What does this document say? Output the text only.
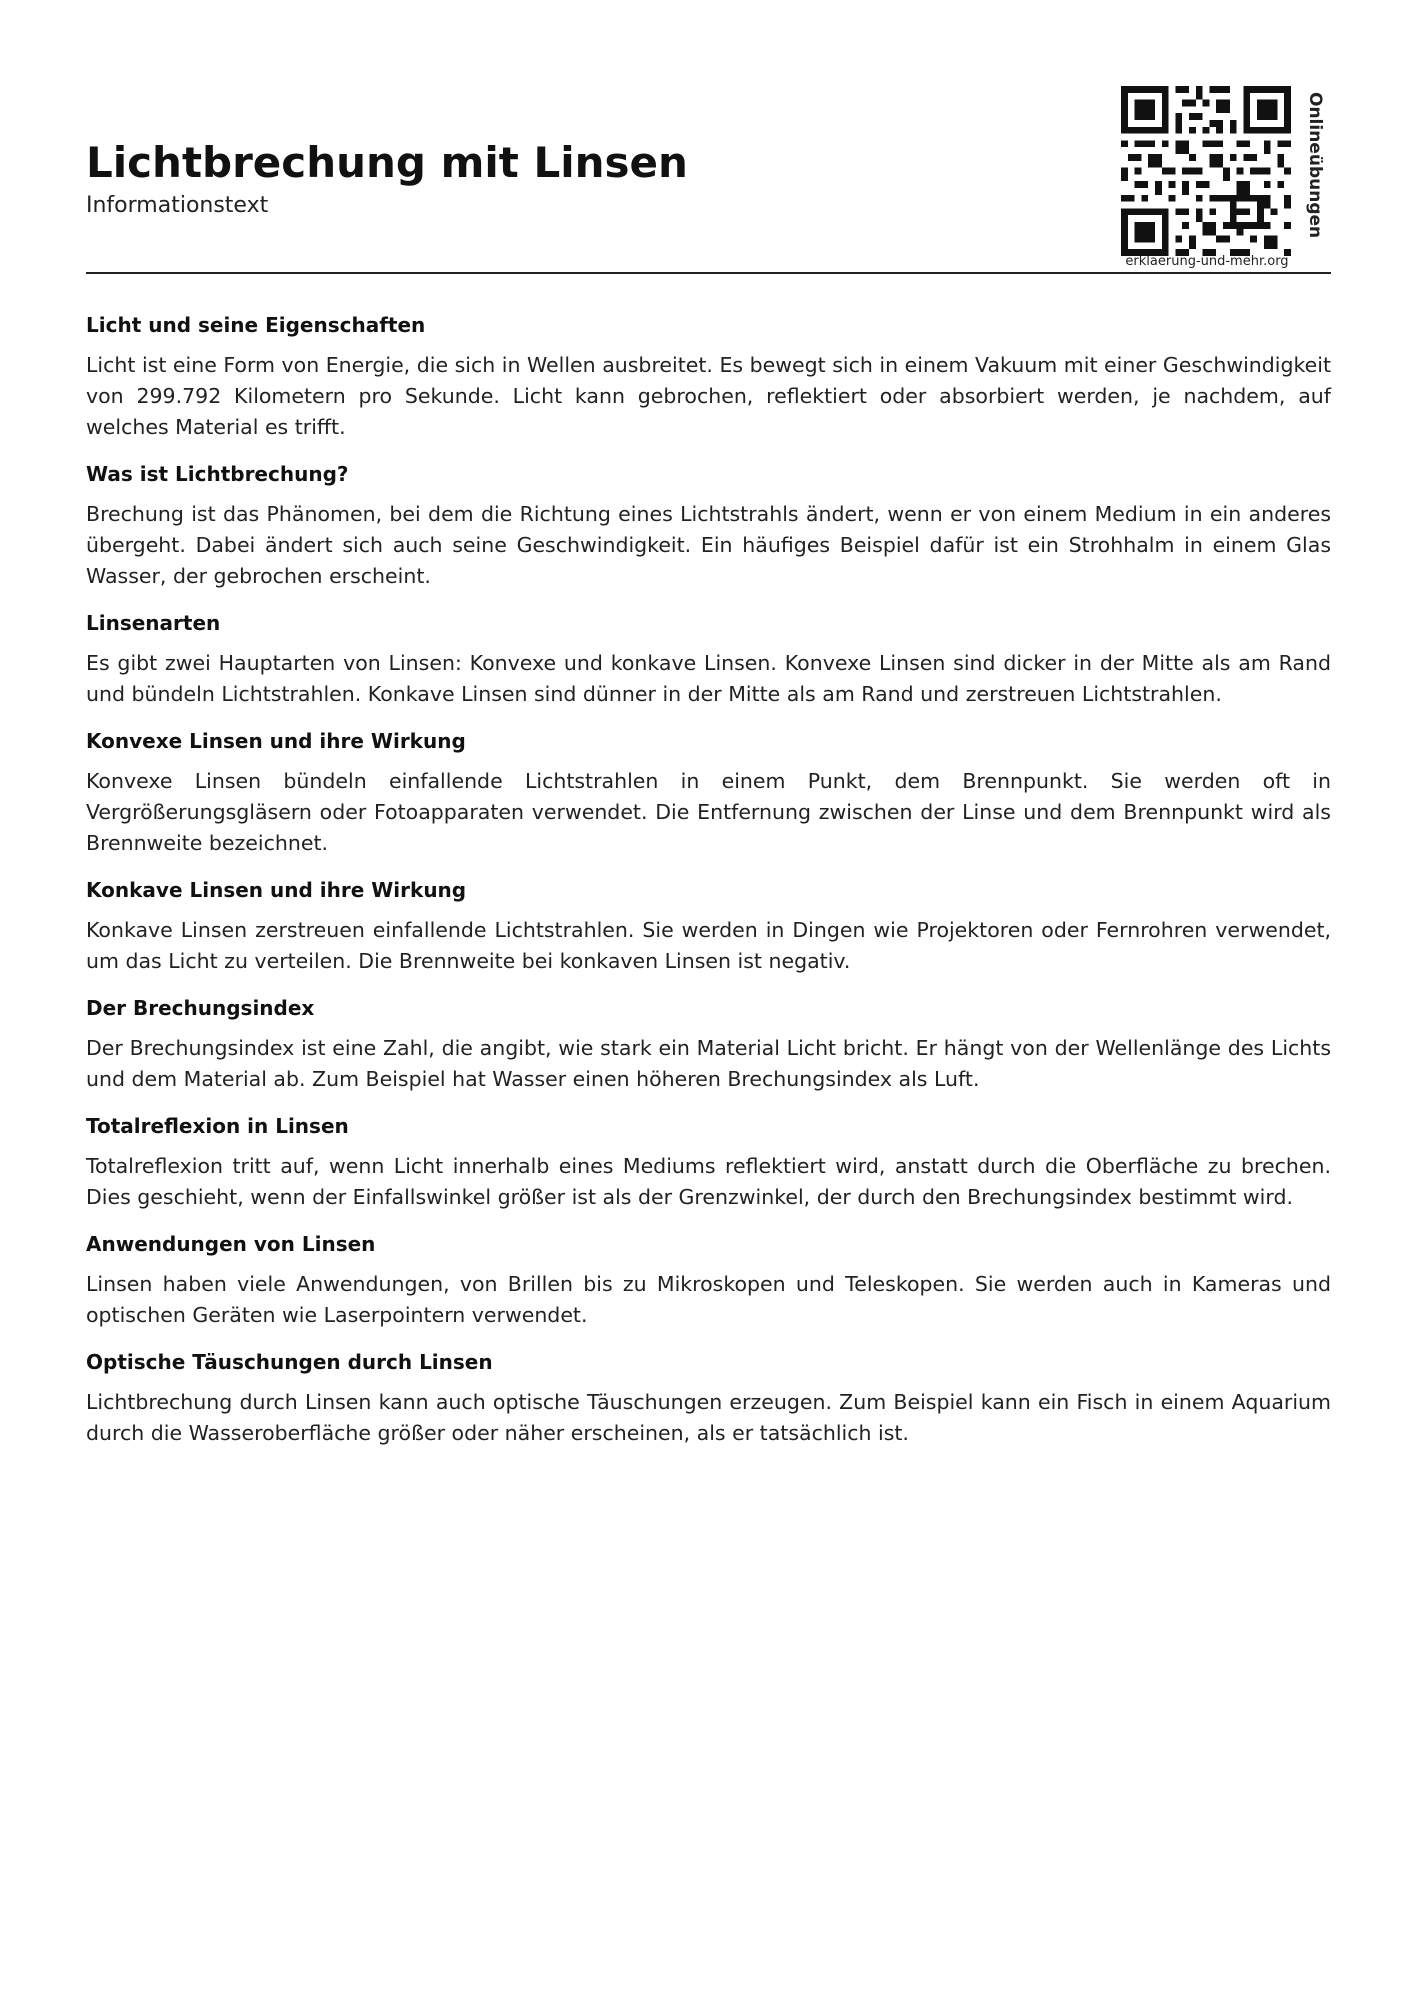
Lichtbrechung mit Linsen
Informationstext
erklaerung-und-mehr.org
Onlineübungen
Licht und seine Eigenschaften

Licht ist eine Form von Energie, die sich in Wellen ausbreitet. Es bewegt sich in einem Vakuum mit einer Geschwindigkeit von 299.792 Kilometern pro Sekunde. Licht kann gebrochen, reflektiert oder absorbiert werden, je nachdem, auf welches Material es trifft.

Was ist Lichtbrechung?

Brechung ist das Phänomen, bei dem die Richtung eines Lichtstrahls ändert, wenn er von einem Medium in ein anderes übergeht. Dabei ändert sich auch seine Geschwindigkeit. Ein häufiges Beispiel dafür ist ein Strohhalm in einem Glas Wasser, der gebrochen erscheint.

Linsenarten

Es gibt zwei Hauptarten von Linsen: Konvexe und konkave Linsen. Konvexe Linsen sind dicker in der Mitte als am Rand und bündeln Lichtstrahlen. Konkave Linsen sind dünner in der Mitte als am Rand und zerstreuen Lichtstrahlen.

Konvexe Linsen und ihre Wirkung

Konvexe Linsen bündeln einfallende Lichtstrahlen in einem Punkt, dem Brennpunkt. Sie werden oft in Vergrößerungsgläsern oder Fotoapparaten verwendet. Die Entfernung zwischen der Linse und dem Brennpunkt wird als Brennweite bezeichnet.

Konkave Linsen und ihre Wirkung

Konkave Linsen zerstreuen einfallende Lichtstrahlen. Sie werden in Dingen wie Projektoren oder Fernrohren verwendet, um das Licht zu verteilen. Die Brennweite bei konkaven Linsen ist negativ.

Der Brechungsindex

Der Brechungsindex ist eine Zahl, die angibt, wie stark ein Material Licht bricht. Er hängt von der Wellenlänge des Lichts und dem Material ab. Zum Beispiel hat Wasser einen höheren Brechungsindex als Luft.

Totalreflexion in Linsen

Totalreflexion tritt auf, wenn Licht innerhalb eines Mediums reflektiert wird, anstatt durch die Oberfläche zu brechen. Dies geschieht, wenn der Einfallswinkel größer ist als der Grenzwinkel, der durch den Brechungsindex bestimmt wird.

Anwendungen von Linsen

Linsen haben viele Anwendungen, von Brillen bis zu Mikroskopen und Teleskopen. Sie werden auch in Kameras und optischen Geräten wie Laserpointern verwendet.

Optische Täuschungen durch Linsen

Lichtbrechung durch Linsen kann auch optische Täuschungen erzeugen. Zum Beispiel kann ein Fisch in einem Aquarium durch die Wasseroberfläche größer oder näher erscheinen, als er tatsächlich ist.
